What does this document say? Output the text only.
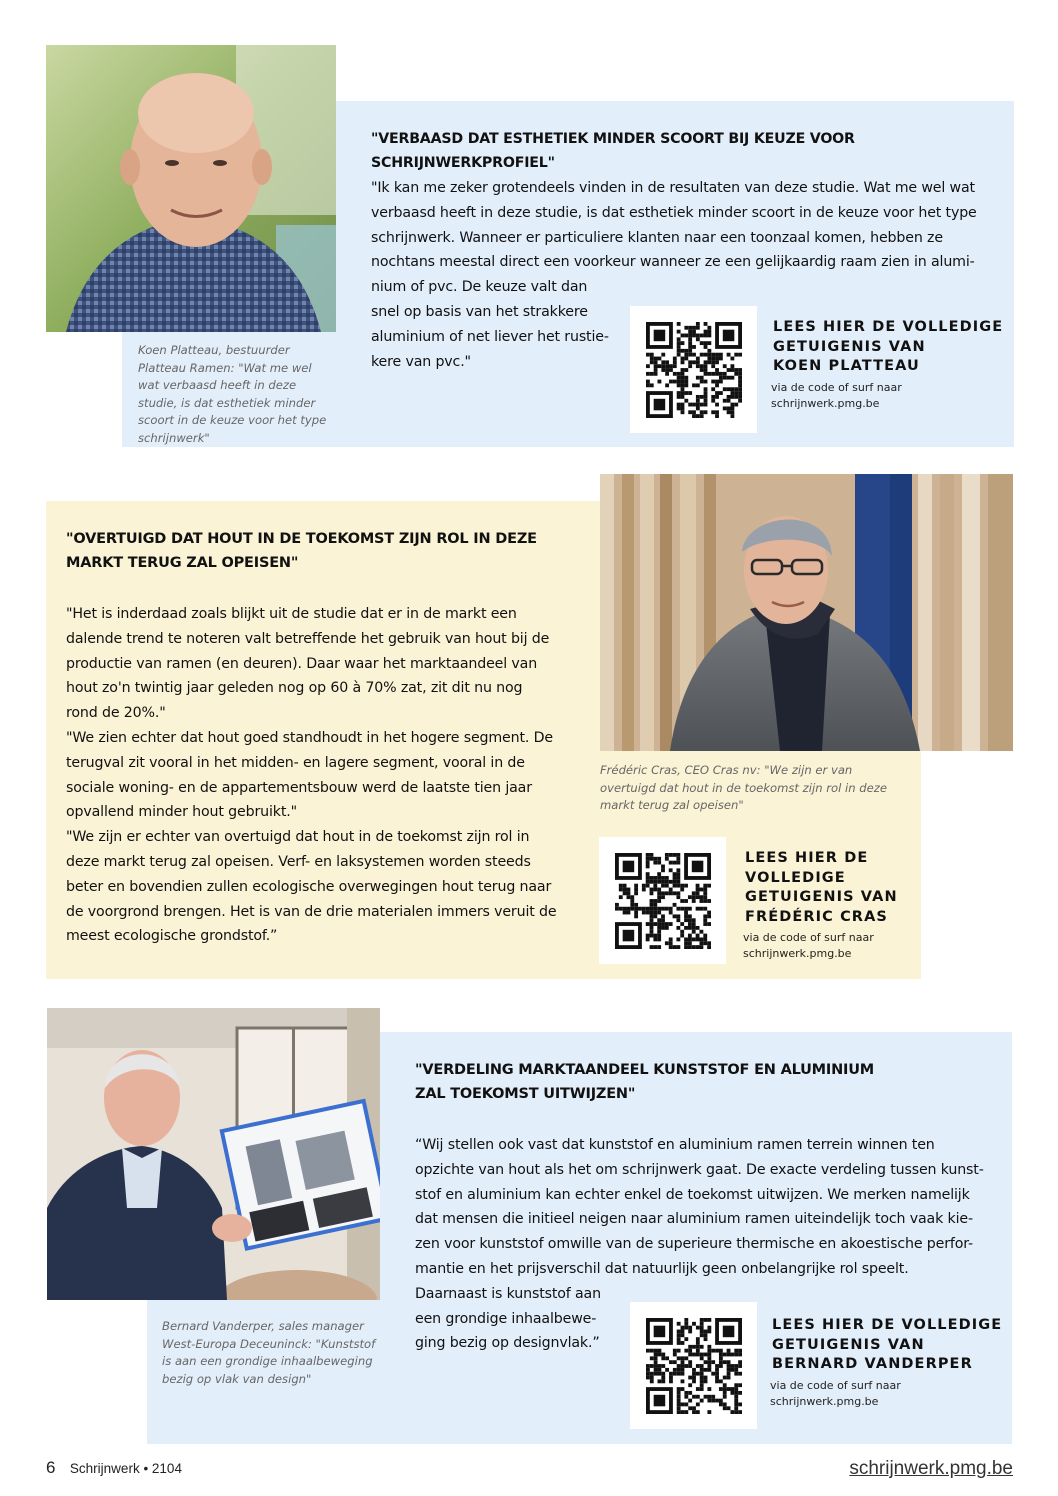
"VERBAASD DAT ESTHETIEK MINDER SCOORT BIJ KEUZE VOOR SCHRIJNWERKPROFIEL"

"Ik kan me zeker grotendeels vinden in de resultaten van deze studie. Wat me wel wat

verbaasd heeft in deze studie, is dat esthetiek minder scoort in de keuze voor het type

schrijnwerk. Wanneer er particuliere klanten naar een toonzaal komen, hebben ze

nochtans meestal direct een voorkeur wanneer ze een gelijkaardig raam zien in alumi-

nium of pvc. De keuze valt dan

snel op basis van het strakkere

aluminium of net liever het rustie-

kere van pvc."

Koen Platteau, bestuurder Platteau Ramen: "Wat me wel wat verbaasd heeft in deze studie, is dat esthetiek minder scoort in de keuze voor het type schrijnwerk"
LEES HIER DE VOLLEDIGE
GETUIGENIS VAN
KOEN PLATTEAU
via de code of surf naar
schrijnwerk.pmg.be
"OVERTUIGD DAT HOUT IN DE TOEKOMST ZIJN ROL IN DEZE
MARKT TERUG ZAL OPEISEN"

"Het is inderdaad zoals blijkt uit de studie dat er in de markt een

dalende trend te noteren valt betreffende het gebruik van hout bij de

productie van ramen (en deuren). Daar waar het marktaandeel van

hout zo'n twintig jaar geleden nog op 60 à 70% zat, zit dit nu nog

rond de 20%."

"We zien echter dat hout goed standhoudt in het hogere segment. De

terugval zit vooral in het midden- en lagere segment, vooral in de

sociale woning- en de appartementsbouw werd de laatste tien jaar

opvallend minder hout gebruikt."

"We zijn er echter van overtuigd dat hout in de toekomst zijn rol in

deze markt terug zal opeisen. Verf- en laksystemen worden steeds

beter en bovendien zullen ecologische overwegingen hout terug naar

de voorgrond brengen. Het is van de drie materialen immers veruit de

meest ecologische grondstof.”

Frédéric Cras, CEO Cras nv: "We zijn er van overtuigd dat hout in de toekomst zijn rol in deze markt terug zal opeisen"
LEES HIER DE
VOLLEDIGE
GETUIGENIS VAN
FRÉDÉRIC CRAS
via de code of surf naar
schrijnwerk.pmg.be
"VERDELING MARKTAANDEEL KUNSTSTOF EN ALUMINIUM
ZAL TOEKOMST UITWIJZEN"

“Wij stellen ook vast dat kunststof en aluminium ramen terrein winnen ten

opzichte van hout als het om schrijnwerk gaat. De exacte verdeling tussen kunst-

stof en aluminium kan echter enkel de toekomst uitwijzen. We merken namelijk

dat mensen die initieel neigen naar aluminium ramen uiteindelijk toch vaak kie-

zen voor kunststof omwille van de superieure thermische en akoestische perfor-

mantie en het prijsverschil dat natuurlijk geen onbelangrijke rol speelt.

Daarnaast is kunststof aan

een grondige inhaalbewe-

ging bezig op designvlak.”

Bernard Vanderper, sales manager West-Europa Deceuninck: "Kunststof is aan een grondige inhaalbeweging bezig op vlak van design"
LEES HIER DE VOLLEDIGE
GETUIGENIS VAN
BERNARD VANDERPER
via de code of surf naar
schrijnwerk.pmg.be
6 Schrijnwerk • 2104	schrijnwerk.pmg.be
